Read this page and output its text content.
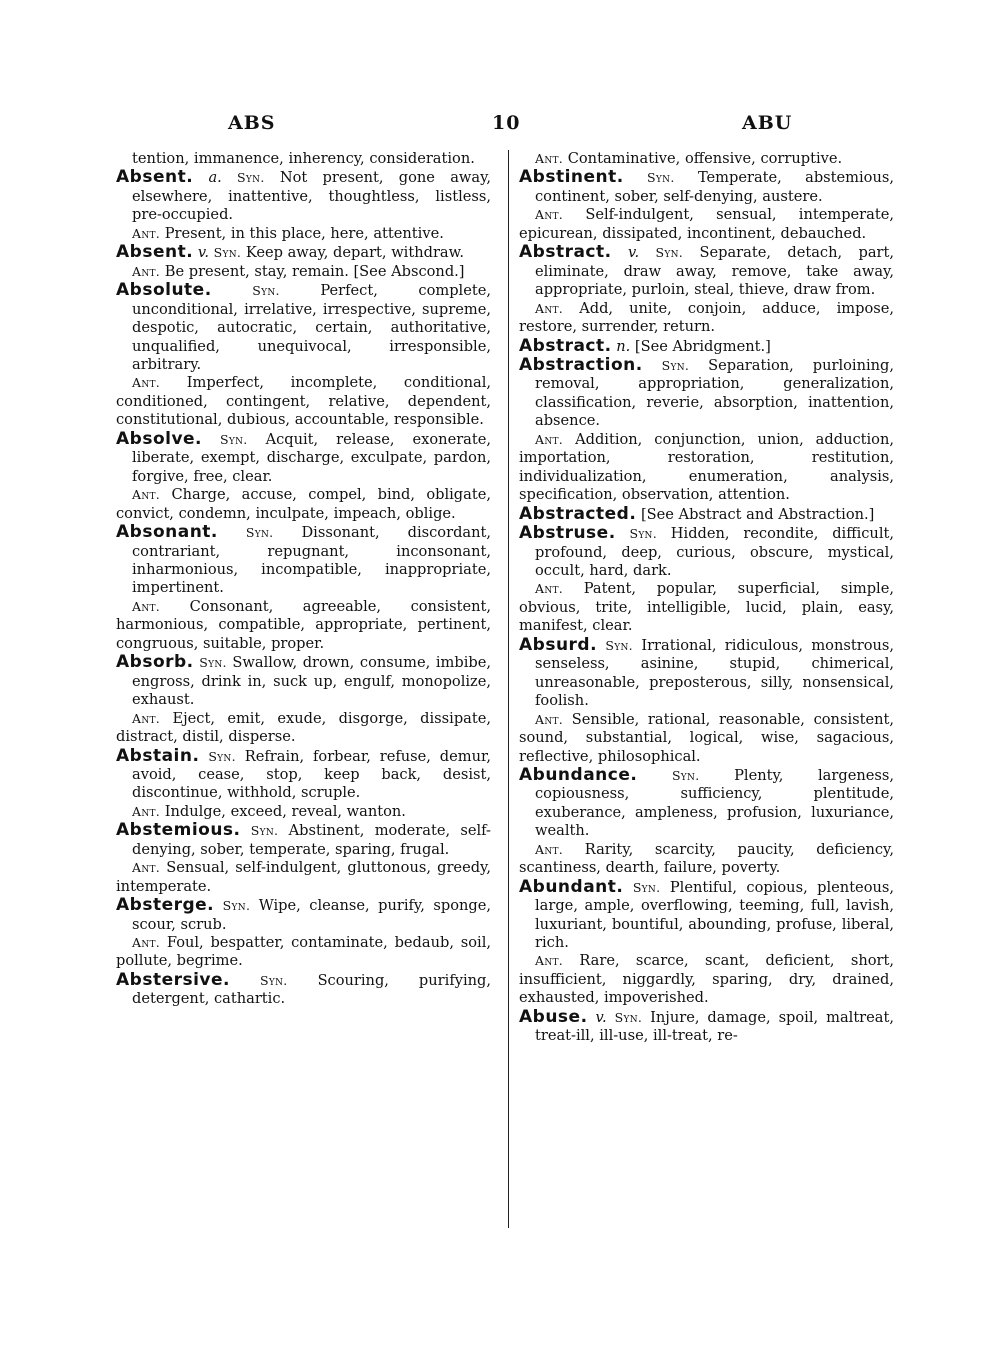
ABS	10	ABU

tention, immanence, inherency, consideration.

Absent. a. Syn. Not present, gone away, elsewhere, inattentive, thoughtless, listless, pre-occupied.

Ant. Present, in this place, here, attentive.

Absent. v. Syn. Keep away, depart, withdraw.

Ant. Be present, stay, remain. [See Abscond.]

Absolute.	Syn.	Perfect, complete, unconditional, irrelative, irrespective, supreme, despotic, autocratic, certain, authoritative, unqualified, unequivocal, irresponsible, arbitrary.

Ant. Imperfect, incomplete, conditional, conditioned, contingent, relative, dependent, constitutional, dubious, accountable, responsible.

Absolve. Syn. Acquit, release, exonerate, liberate, exempt, discharge, exculpate, pardon, forgive, free, clear.

Ant. Charge, accuse, compel, bind, obligate, convict, condemn, inculpate, impeach, oblige.

Absonant. Syn. Dissonant, discordant, contrariant, repugnant, inconsonant, inharmonious, incompatible, inappropriate, impertinent.

Ant. Consonant, agreeable, consistent, harmonious, compatible, appropriate, pertinent, congruous, suitable, proper.

Absorb. Syn. Swallow, drown, consume, imbibe, engross, drink in, suck up, engulf, monopolize, exhaust.

Ant. Eject, emit, exude, disgorge, dissipate, distract, distil, disperse.

Abstain. Syn. Refrain, forbear, refuse, demur, avoid, cease, stop, keep back, desist, discontinue, withhold, scruple.

Ant. Indulge, exceed, reveal, wanton.

Abstemious. Syn. Abstinent, moderate, self-denying, sober, temperate, sparing, frugal.

Ant. Sensual, self-indulgent, gluttonous, greedy, intemperate.

Absterge. Syn. Wipe, cleanse, purify, sponge, scour, scrub.

Ant. Foul, bespatter, contaminate, bedaub, soil, pollute, begrime.

Abstersive. Syn. Scouring, purifying, detergent, cathartic.

Ant. Contaminative, offensive, corruptive.

Abstinent. Syn. Temperate, abstemious, continent, sober, self-denying, austere.

Ant. Self-indulgent, sensual, intemperate, epicurean, dissipated, incontinent, debauched.

Abstract. v. Syn. Separate, detach, part, eliminate, draw away, remove, take away, appropriate, purloin, steal, thieve, draw from.

Ant. Add, unite, conjoin, adduce, impose, restore, surrender, return.

Abstract. n. [See Abridgment.]

Abstraction. Syn. Separation, purloining, removal, appropriation, generalization, classification, reverie, absorption, inattention, absence.

Ant. Addition, conjunction, union, adduction, importation, restoration, restitution, individualization, enumeration, analysis, specification, observation, attention.

Abstracted. [See Abstract and Abstraction.]

Abstruse. Syn. Hidden, recondite, difficult, profound, deep, curious, obscure, mystical, occult, hard, dark.

Ant. Patent, popular, superficial, simple, obvious, trite, intelligible, lucid, plain, easy, manifest, clear.

Absurd. Syn. Irrational, ridiculous, monstrous, senseless, asinine, stupid, chimerical, unreasonable, preposterous, silly, nonsensical, foolish.

Ant. Sensible, rational, reasonable, consistent, sound, substantial, logical, wise, sagacious, reflective, philosophical.

Abundance.	Syn. Plenty, largeness, copiousness, sufficiency, plentitude, exuberance, ampleness, profusion, luxuriance, wealth.

Ant. Rarity, scarcity, paucity, deficiency, scantiness, dearth, failure, poverty.

Abundant. Syn. Plentiful, copious, plenteous, large, ample, overflowing, teeming, full, lavish, luxuriant, bountiful, abounding, profuse, liberal, rich.

Ant. Rare, scarce, scant, deficient, short, insufficient, niggardly, sparing, dry, drained, exhausted, impoverished.

Abuse. v. Syn. Injure, damage, spoil, maltreat, treat-ill, ill-use, ill-treat, re-
